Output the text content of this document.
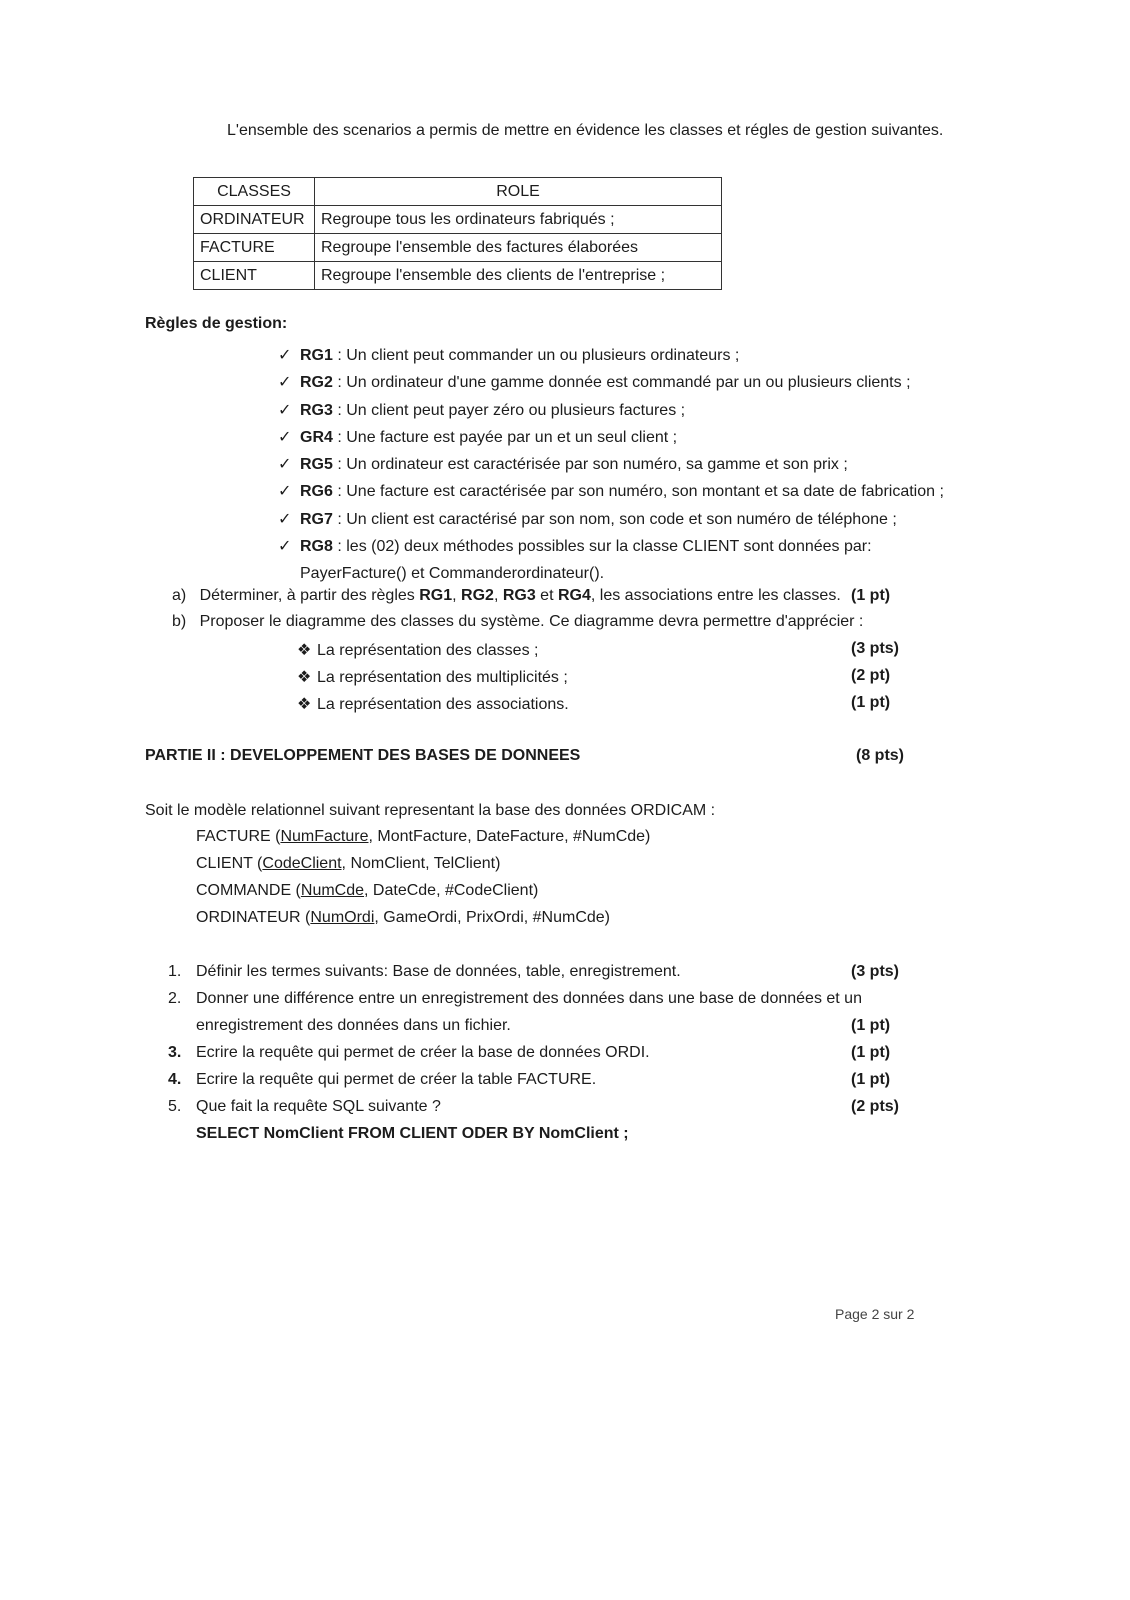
L'ensemble des scenarios a permis de mettre en évidence les classes et régles de gestion suivantes.
CLASSES	ROLE
ORDINATEUR	Regroupe tous les ordinateurs fabriqués ;
FACTURE	Regroupe l'ensemble des factures élaborées
CLIENT	Regroupe l'ensemble des clients de l'entreprise ;
Règles de gestion:
✓ RG1 : Un client peut commander un ou plusieurs ordinateurs ;
✓ RG2 : Un ordinateur d'une gamme donnée est commandé par un ou plusieurs clients ;
✓ RG3 : Un client peut payer zéro ou plusieurs factures ;
✓ GR4 : Une facture est payée par un et un seul client ;
✓ RG5 : Un ordinateur est caractérisée par son numéro, sa gamme et son prix ;
✓ RG6 : Une facture est caractérisée par son numéro, son montant et sa date de fabrication ;
✓ RG7 : Un client est caractérisé par son nom, son code et son numéro de téléphone ;
✓ RG8 : les (02) deux méthodes possibles sur la classe CLIENT sont données par:
PayerFacture() et Commanderordinateur().
a) Déterminer, à partir des règles RG1, RG2, RG3 et RG4, les associations entre les classes. (1 pt)
b) Proposer le diagramme des classes du système. Ce diagramme devra permettre d'apprécier :
❖ La représentation des classes ;	(3 pts)
❖ La représentation des multiplicités ;	(2 pt)
❖ La représentation des associations.	(1 pt)
PARTIE II : DEVELOPPEMENT DES BASES DE DONNEES	(8 pts)
Soit le modèle relationnel suivant representant la base des données ORDICAM :
FACTURE (NumFacture, MontFacture, DateFacture, #NumCde)
CLIENT (CodeClient, NomClient, TelClient)
COMMANDE (NumCde, DateCde, #CodeClient)
ORDINATEUR (NumOrdi, GameOrdi, PrixOrdi, #NumCde)
1. Définir les termes suivants: Base de données, table, enregistrement.	(3 pts)
2. Donner une différence entre un enregistrement des données dans une base de données et un
enregistrement des données dans un fichier.	(1 pt)
3. Ecrire la requête qui permet de créer la base de données ORDI.	(1 pt)
4. Ecrire la requête qui permet de créer la table FACTURE.	(1 pt)
5. Que fait la requête SQL suivante ?	(2 pts)
SELECT NomClient FROM CLIENT ODER BY NomClient ;
Page 2 sur 2
